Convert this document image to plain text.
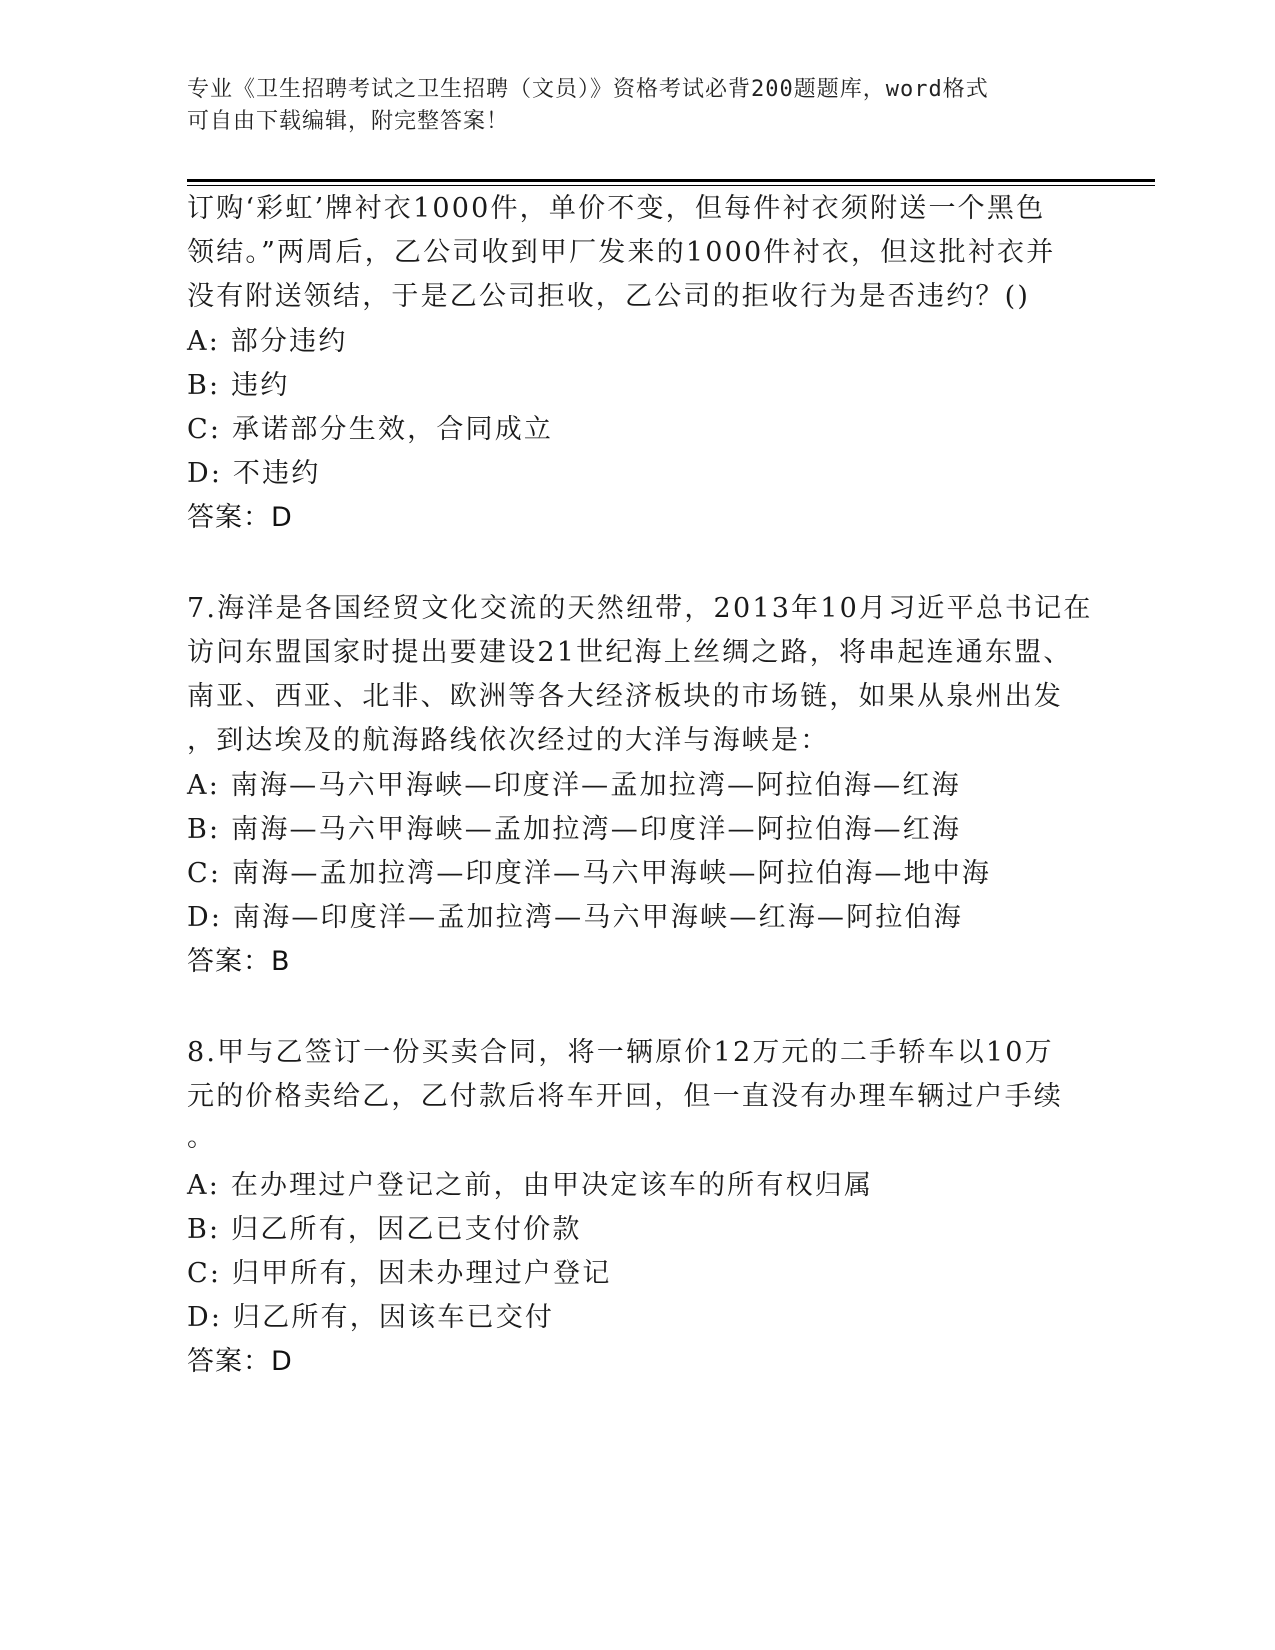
专业《卫生招聘考试之卫生招聘（文员）》资格考试必背200题题库，word格式
可自由下载编辑，附完整答案！
订购‘彩虹’牌衬衣1000件，单价不变，但每件衬衣须附送一个黑色
领结。”两周后，乙公司收到甲厂发来的1000件衬衣，但这批衬衣并
没有附送领结，于是乙公司拒收，乙公司的拒收行为是否违约？()
A: 部分违约
B: 违约
C: 承诺部分生效，合同成立
D: 不违约
答案：D
7.海洋是各国经贸文化交流的天然纽带，2013年10月习近平总书记在
访问东盟国家时提出要建设21世纪海上丝绸之路，将串起连通东盟、
南亚、西亚、北非、欧洲等各大经济板块的市场链，如果从泉州出发
，到达埃及的航海路线依次经过的大洋与海峡是：
A: 南海—马六甲海峡—印度洋—孟加拉湾—阿拉伯海—红海
B: 南海—马六甲海峡—孟加拉湾—印度洋—阿拉伯海—红海
C: 南海—孟加拉湾—印度洋—马六甲海峡—阿拉伯海—地中海
D: 南海—印度洋—孟加拉湾—马六甲海峡—红海—阿拉伯海
答案：B
8.甲与乙签订一份买卖合同，将一辆原价12万元的二手轿车以10万
元的价格卖给乙，乙付款后将车开回，但一直没有办理车辆过户手续
。
A: 在办理过户登记之前，由甲决定该车的所有权归属
B: 归乙所有，因乙已支付价款
C: 归甲所有，因未办理过户登记
D: 归乙所有，因该车已交付
答案：D
